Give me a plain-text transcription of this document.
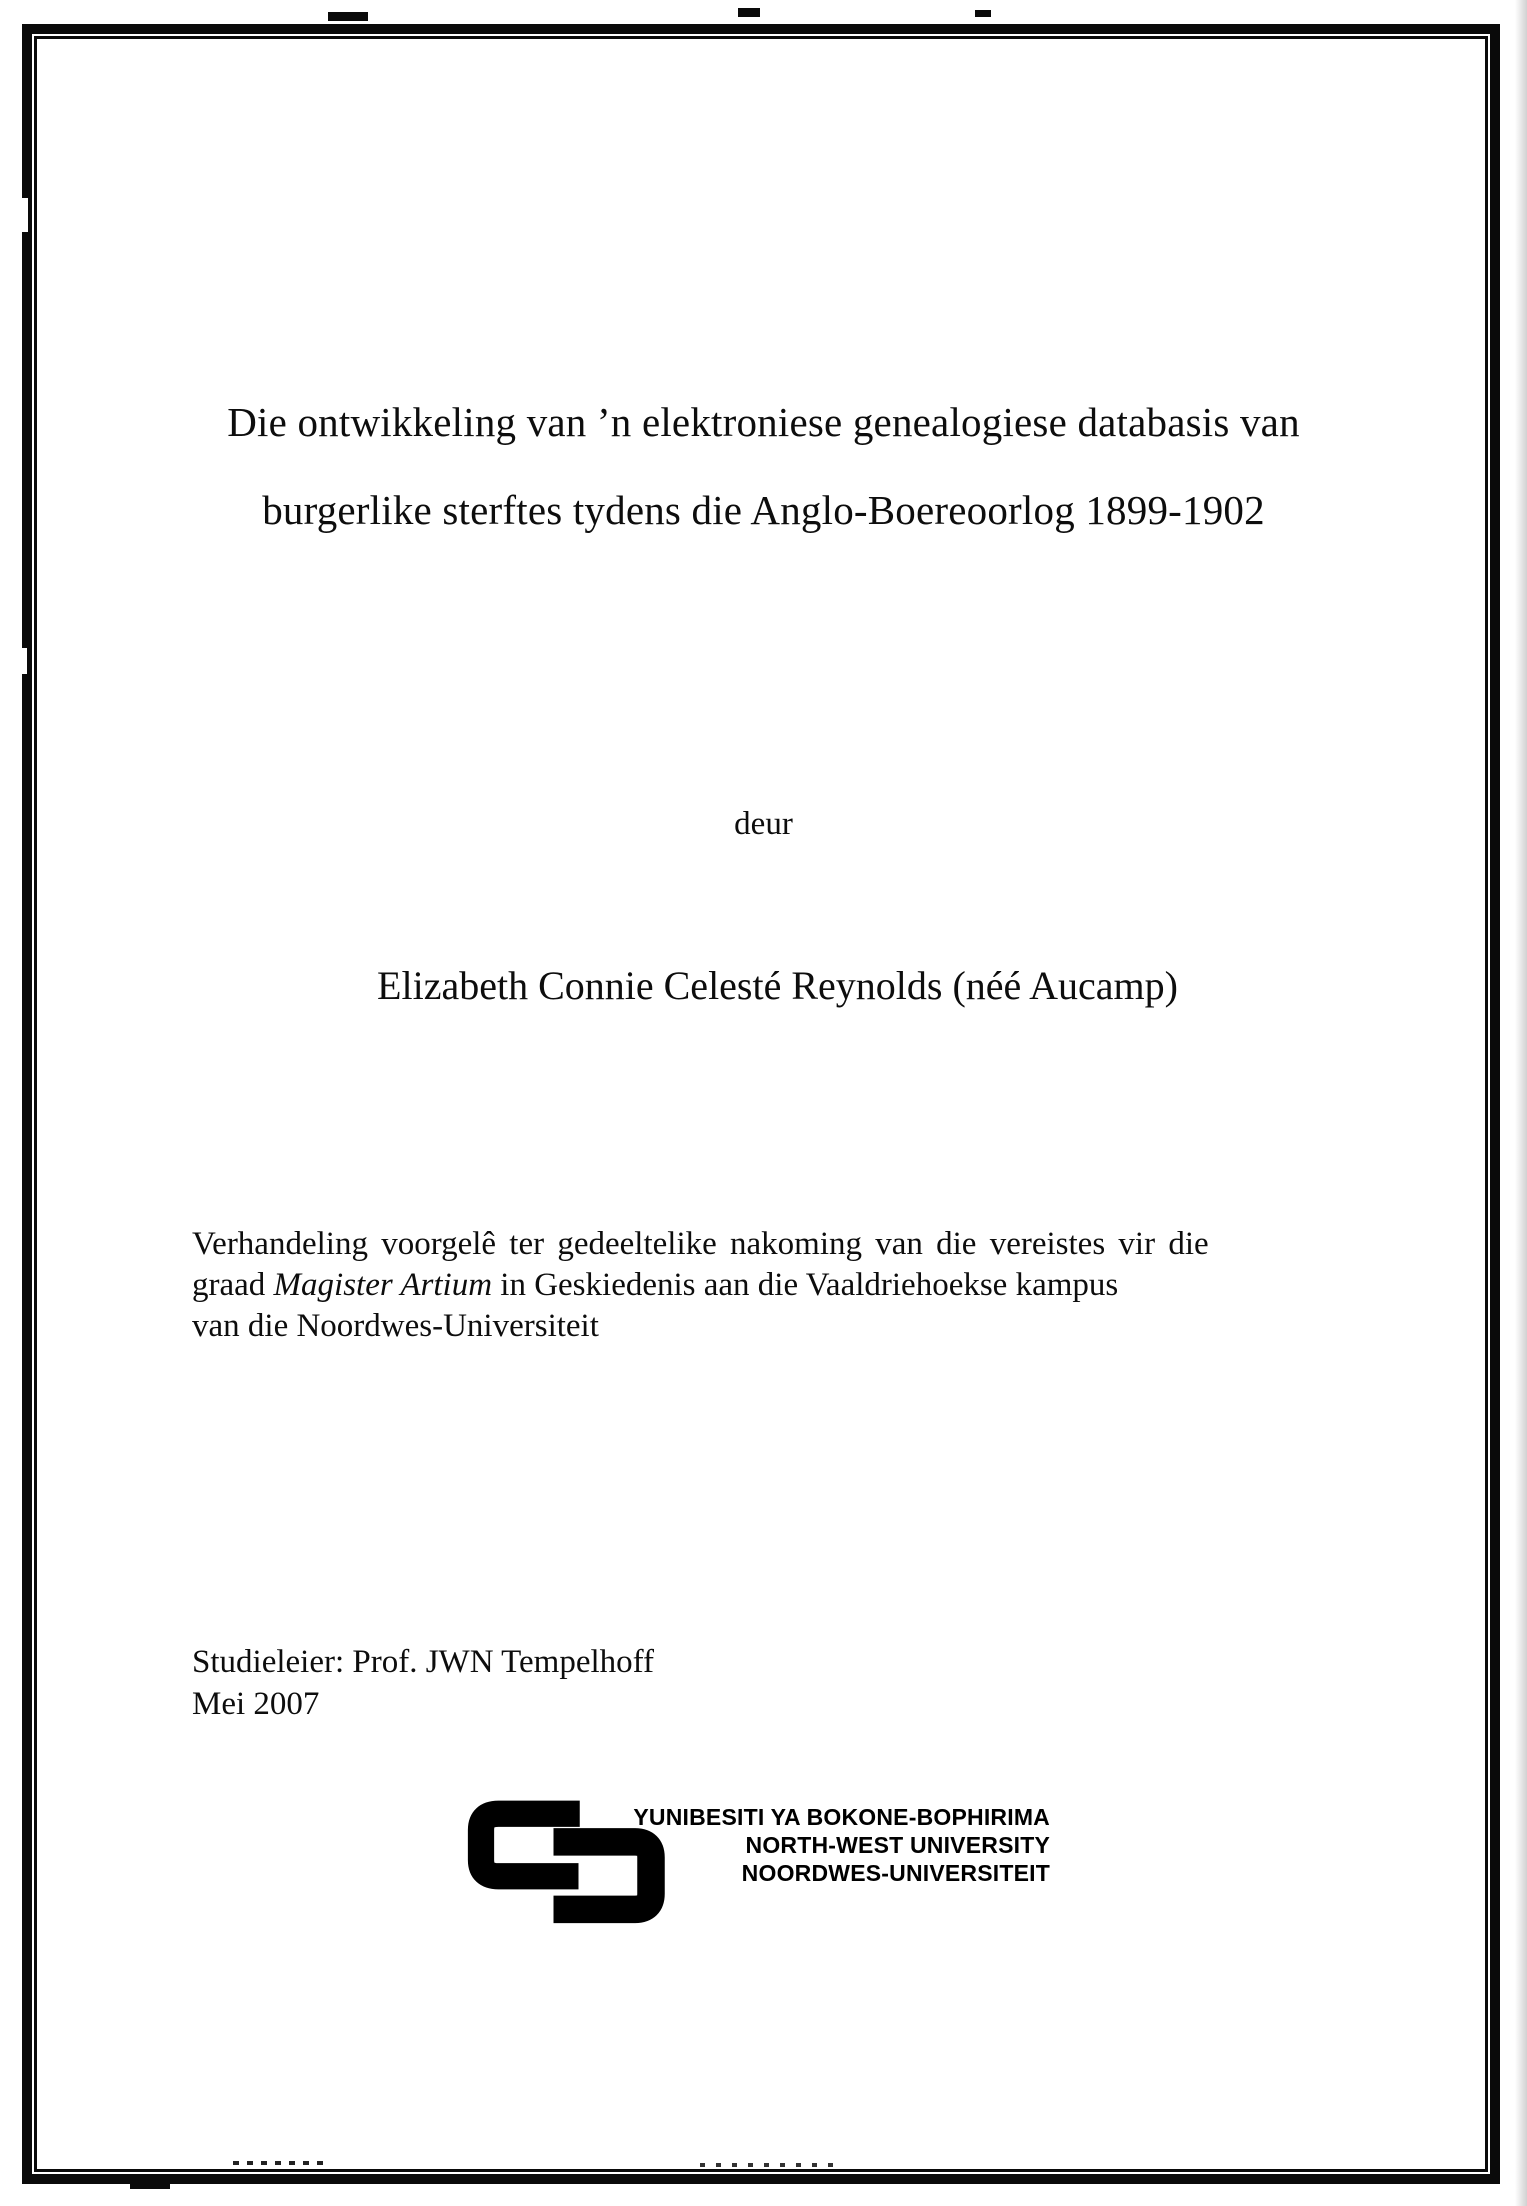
Die ontwikkeling van ’n elektroniese genealogiese databasis van
burgerlike sterftes tydens die Anglo-Boereoorlog 1899-1902
deur
Elizabeth Connie Celesté Reynolds (néé Aucamp)

Verhandeling voorgelê ter gedeeltelike nakoming van die vereistes vir die
graad Magister Artium in Geskiedenis aan die Vaaldriehoekse kampus
van die Noordwes-Universiteit

Studieleier: Prof. JWN Tempelhoff
Mei 2007
YUNIBESITI YA BOKONE-BOPHIRIMA
NORTH-WEST UNIVERSITY
NOORDWES-UNIVERSITEIT
